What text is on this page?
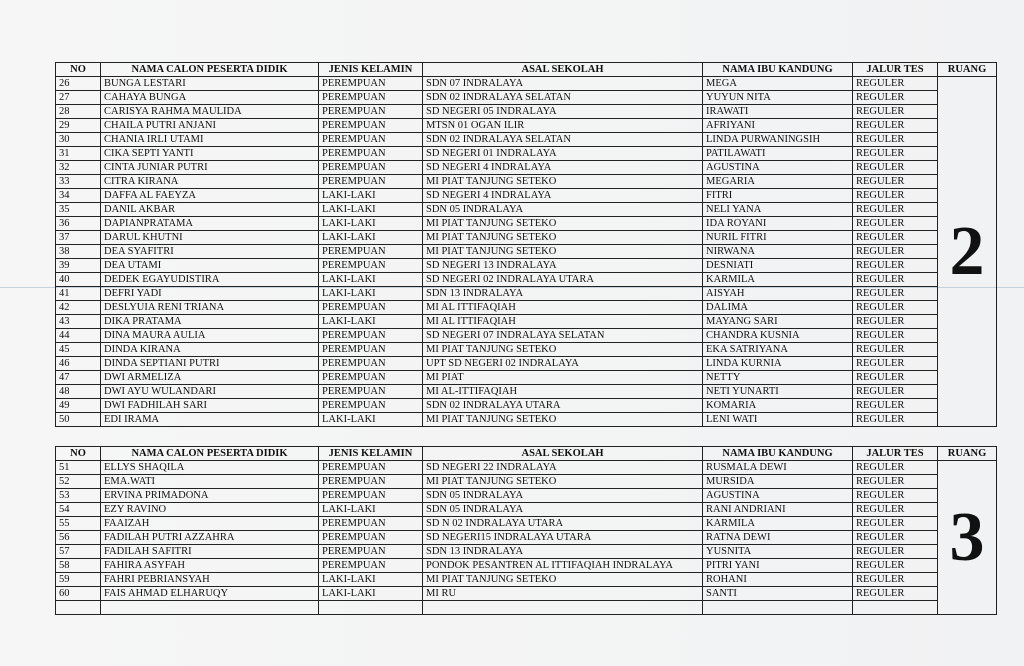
NO	NAMA CALON PESERTA DIDIK	JENIS KELAMIN	ASAL SEKOLAH	NAMA IBU KANDUNG	JALUR TES	RUANG
26	BUNGA LESTARI	PEREMPUAN	SDN 07 INDRALAYA	MEGA	REGULER	2
27	CAHAYA BUNGA	PEREMPUAN	SDN 02 INDRALAYA SELATAN	YUYUN NITA	REGULER	
28	CARISYA RAHMA MAULIDA	PEREMPUAN	SD NEGERI 05 INDRALAYA	IRAWATI	REGULER	
29	CHAILA PUTRI ANJANI	PEREMPUAN	MTSN 01 OGAN ILIR	AFRIYANI	REGULER	
30	CHANIA IRLI UTAMI	PEREMPUAN	SDN 02 INDRALAYA SELATAN	LINDA PURWANINGSIH	REGULER	
31	CIKA SEPTI YANTI	PEREMPUAN	SD NEGERI 01 INDRALAYA	PATILAWATI	REGULER	
32	CINTA JUNIAR PUTRI	PEREMPUAN	SD NEGERI 4 INDRALAYA	AGUSTINA	REGULER	
33	CITRA KIRANA	PEREMPUAN	MI PIAT TANJUNG SETEKO	MEGARIA	REGULER	
34	DAFFA AL FAEYZA	LAKI-LAKI	SD NEGERI 4 INDRALAYA	FITRI	REGULER	
35	DANIL AKBAR	LAKI-LAKI	SDN 05 INDRALAYA	NELI YANA	REGULER	
36	DAPIANPRATAMA	LAKI-LAKI	MI PIAT TANJUNG SETEKO	IDA ROYANI	REGULER	
37	DARUL KHUTNI	LAKI-LAKI	MI PIAT TANJUNG SETEKO	NURIL FITRI	REGULER	
38	DEA SYAFITRI	PEREMPUAN	MI PIAT TANJUNG SETEKO	NIRWANA	REGULER	
39	DEA UTAMI	PEREMPUAN	SD NEGERI 13 INDRALAYA	DESNIATI	REGULER	
40	DEDEK EGAYUDISTIRA	LAKI-LAKI	SD NEGERI 02 INDRALAYA UTARA	KARMILA	REGULER	
41	DEFRI YADI	LAKI-LAKI	SDN 13 INDRALAYA	AISYAH	REGULER	
42	DESLYUIA RENI TRIANA	PEREMPUAN	MI AL ITTIFAQIAH	DALIMA	REGULER	
43	DIKA PRATAMA	LAKI-LAKI	MI AL ITTIFAQIAH	MAYANG SARI	REGULER	
44	DINA MAURA AULIA	PEREMPUAN	SD NEGERI 07 INDRALAYA SELATAN	CHANDRA KUSNIA	REGULER	
45	DINDA KIRANA	PEREMPUAN	MI PIAT TANJUNG SETEKO	EKA SATRIYANA	REGULER	
46	DINDA SEPTIANI PUTRI	PEREMPUAN	UPT SD NEGERI 02 INDRALAYA	LINDA KURNIA	REGULER	
47	DWI ARMELIZA	PEREMPUAN	MI PIAT	NETTY	REGULER	
48	DWI AYU WULANDARI	PEREMPUAN	MI AL-ITTIFAQIAH	NETI YUNARTI	REGULER	
49	DWI FADHILAH SARI	PEREMPUAN	SDN 02 INDRALAYA UTARA	KOMARIA	REGULER	
50	EDI IRAMA	LAKI-LAKI	MI PIAT TANJUNG SETEKO	LENI WATI	REGULER	
NO	NAMA CALON PESERTA DIDIK	JENIS KELAMIN	ASAL SEKOLAH	NAMA IBU KANDUNG	JALUR TES	RUANG
51	ELLYS SHAQILA	PEREMPUAN	SD NEGERI 22 INDRALAYA	RUSMALA DEWI	REGULER	3
52	EMA.WATI	PEREMPUAN	MI PIAT TANJUNG SETEKO	MURSIDA	REGULER	
53	ERVINA PRIMADONA	PEREMPUAN	SDN 05 INDRALAYA	AGUSTINA	REGULER	
54	EZY RAVINO	LAKI-LAKI	SDN 05 INDRALAYA	RANI ANDRIANI	REGULER	
55	FAAIZAH	PEREMPUAN	SD N 02 INDRALAYA UTARA	KARMILA	REGULER	
56	FADILAH PUTRI AZZAHRA	PEREMPUAN	SD NEGERI15 INDRALAYA UTARA	RATNA DEWI	REGULER	
57	FADILAH SAFITRI	PEREMPUAN	SDN 13 INDRALAYA	YUSNITA	REGULER	
58	FAHIRA ASYFAH	PEREMPUAN	PONDOK PESANTREN AL ITTIFAQIAH INDRALAYA	PITRI YANI	REGULER	
59	FAHRI PEBRIANSYAH	LAKI-LAKI	MI PIAT TANJUNG SETEKO	ROHANI	REGULER	
60	FAIS AHMAD ELHARUQY	LAKI-LAKI	MI RU	SANTI	REGULER	
